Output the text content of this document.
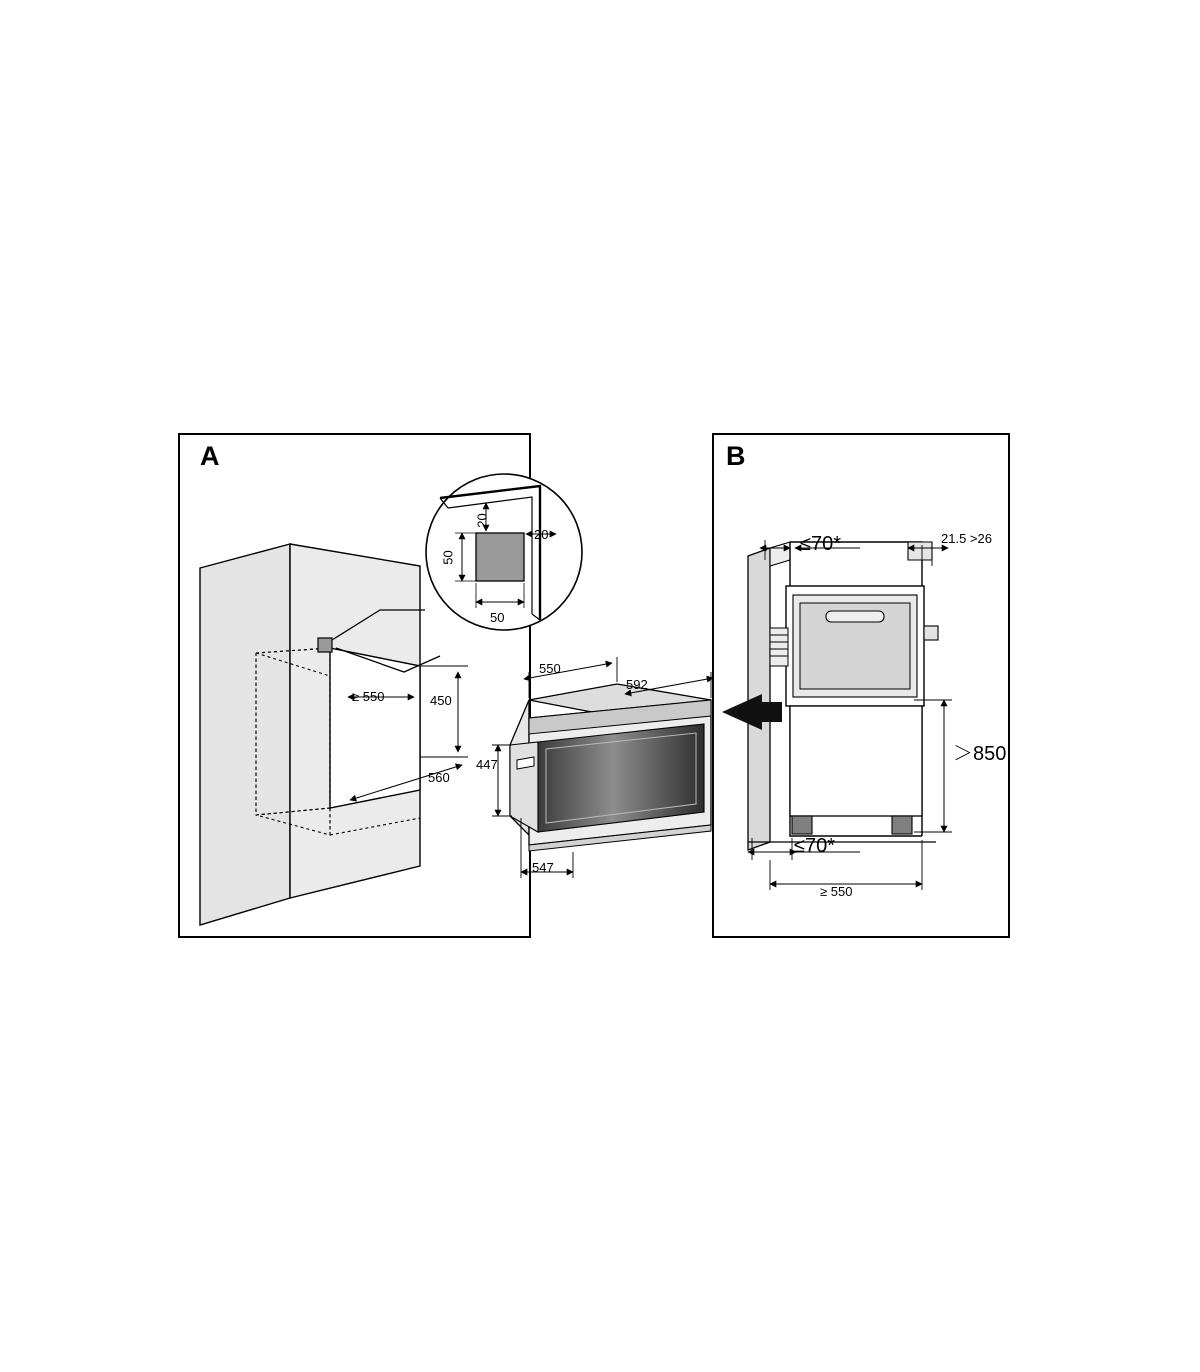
A	B
20
20
50
50
≥ 550	450
560
550
592
447
547
≤70*	21.5 >26
＞850
≤70*
≥ 550
